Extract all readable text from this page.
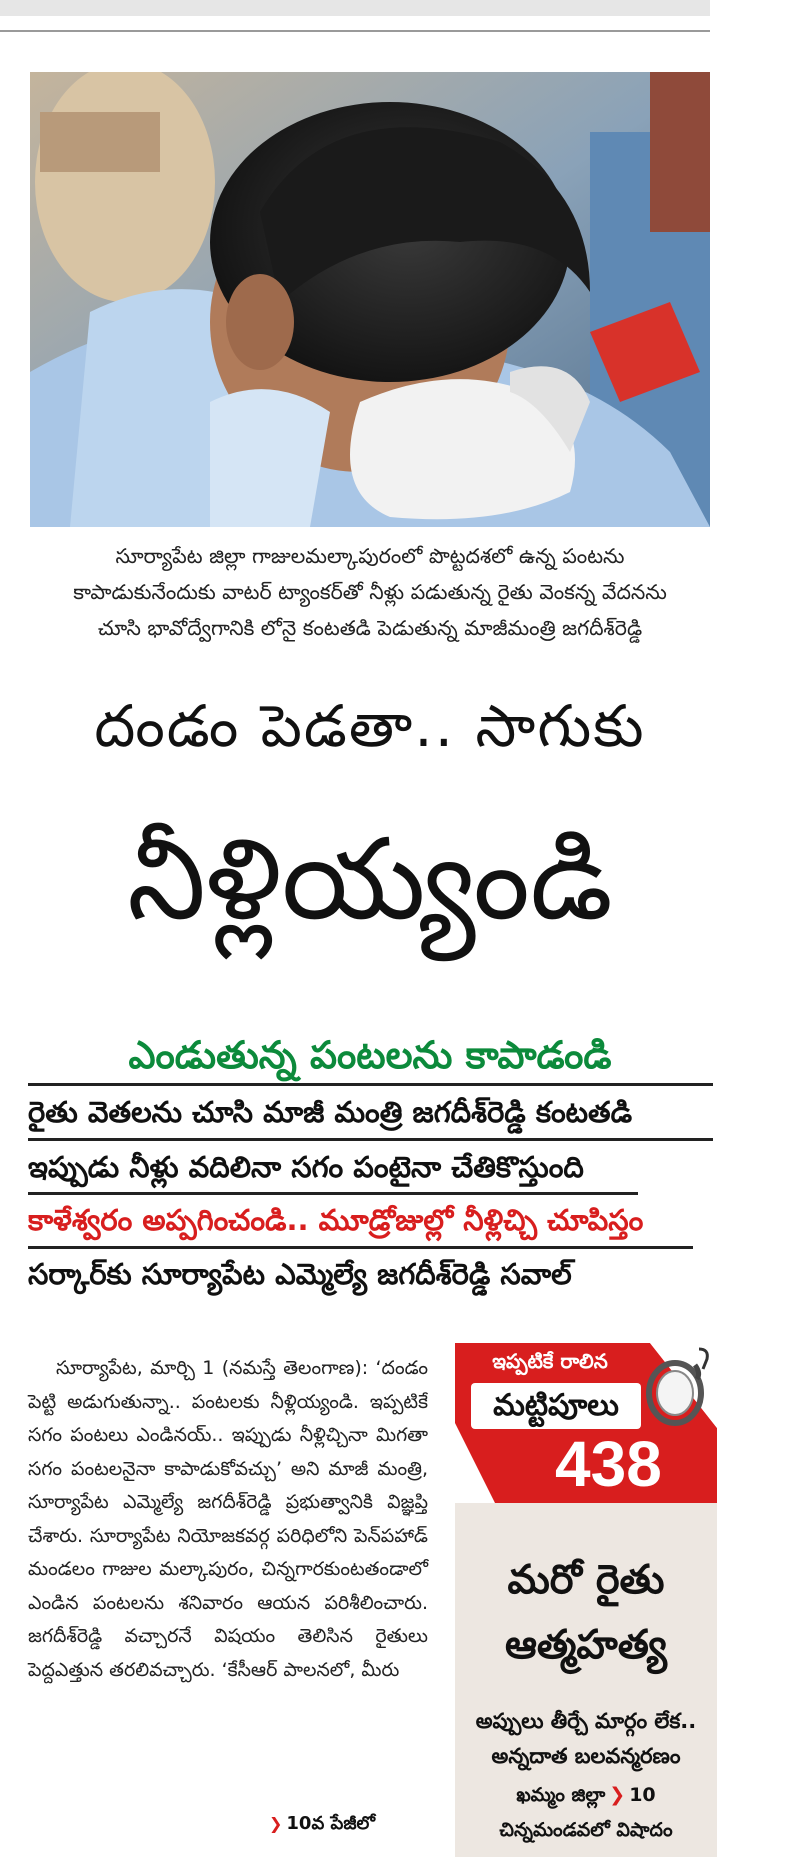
సూర్యాపేట జిల్లా గాజులమల్కాపురంలో పొట్టదశలో ఉన్న పంటను
కాపాడుకునేందుకు వాటర్ ట్యాంకర్‌తో నీళ్లు పడుతున్న రైతు వెంకన్న వేదనను
చూసి భావోద్వేగానికి లోనై కంటతడి పెడుతున్న మాజీమంత్రి జగదీశ్‌రెడ్డి
దండం పెడతా.. సాగుకు
నీళ్లియ్యండి
ఎండుతున్న పంటలను కాపాడండి
రైతు వెతలను చూసి మాజీ మంత్రి జగదీశ్‌రెడ్డి కంటతడి
ఇప్పుడు నీళ్లు వదిలినా సగం పంటైనా చేతికొస్తుంది
కాళేశ్వరం అప్పగించండి.. మూడ్రోజుల్లో నీళ్లిచ్చి చూపిస్తం
సర్కార్‌కు సూర్యాపేట ఎమ్మెల్యే జగదీశ్‌రెడ్డి సవాల్

సూర్యాపేట, మార్చి 1 (నమస్తే తెలంగాణ): ‘దండం పెట్టి అడుగుతున్నా.. పంటలకు నీళ్లియ్యండి. ఇప్పటికే సగం పంటలు ఎండినయ్‌.. ఇప్పుడు నీళ్లిచ్చినా మిగతా సగం పంటలనైనా కాపాడుకోవచ్చు’ అని మాజీ మంత్రి, సూర్యాపేట ఎమ్మెల్యే జగదీశ్‌రెడ్డి ప్రభుత్వానికి విజ్ఞప్తి చేశారు. సూర్యాపేట నియోజకవర్గ పరిధిలోని పెన్‌పహాడ్‌ మండలం గాజుల మల్కాపురం, చిన్నగారకుంటతండాలో ఎండిన పంటలను శనివారం ఆయన పరిశీలించారు. జగదీశ్‌రెడ్డి వచ్చారనే విషయం తెలిసిన రైతులు పెద్దఎత్తున తరలివచ్చారు. ‘కేసీఆర్‌ పాలనలో, మీరు

❯ 10వ పేజీలో
ఇప్పటికే రాలిన
మట్టిపూలు
438
మరో రైతు
ఆత్మహత్య
అప్పులు తీర్చే మార్గం లేక..
అన్నదాత బలవన్మరణం
ఖమ్మం జిల్లా ❯ 10
చిన్నమండవలో విషాదం
